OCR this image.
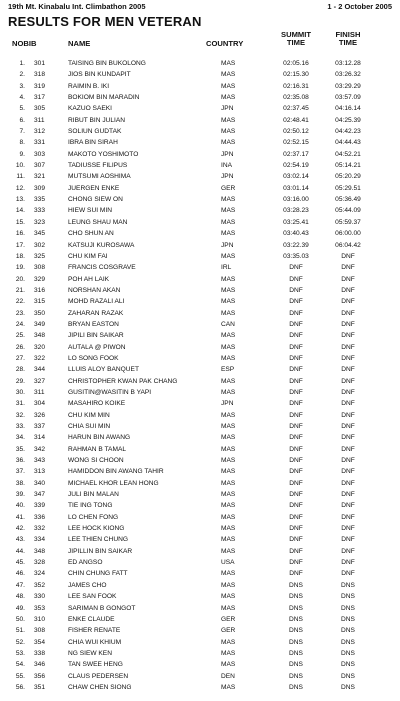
19th Mt. Kinabalu Int. Climbathon 2005	1 - 2 October 2005
RESULTS FOR MEN VETERAN
NOBIB	NAME	COUNTRY
SUMMIT
TIME
FINISH
TIME
1. 301	TAISING BIN BUKOLONG	MAS	02:05.16	03:12.28
2. 318	JIOS BIN KUNDAPIT	MAS	02:15.30	03:26.32
3. 319	RAIMIN B. IKI	MAS	02:16.31	03:29.29
4. 317	BOKIOM BIN MARADIN	MAS	02:35.08	03:57.09
5. 305	KAZUO SAEKI	JPN	02:37.45	04:16.14
6. 311	RIBUT BIN JULIAN	MAS	02:48.41	04:25.39
7. 312	SOLIUN GUDTAK	MAS	02:50.12	04:42.23
8. 331	IBRA BIN SIRAH	MAS	02:52.15	04:44.43
9. 303	MAKOTO YOSHIMOTO	JPN	02:37.17	04:52.21
10. 307	TADIUSSE FILIPUS	INA	02:54.19	05:14.21
11. 321	MUTSUMI AOSHIMA	JPN	03:02.14	05:20.29
12. 309	JUERGEN ENKE	GER	03:01.14	05:29.51
13. 335	CHONG SIEW ON	MAS	03:16.00	05:36.49
14. 333	HIEW SUI MIN	MAS	03:28.23	05:44.09
15. 323	LEUNG SHAU MAN	MAS	03:25.41	05:59.37
16. 345	CHO SHUN AN	MAS	03:40.43	06:00.00
17. 302	KATSUJI KUROSAWA	JPN	03:22.39	06:04.42
18. 325	CHU KIM FAI	MAS	03:35.03	DNF
19. 308	FRANCIS COSGRAVE	IRL	DNF	DNF
20. 329	POH AH LAIK	MAS	DNF	DNF
21. 316	NORSHAN AKAN	MAS	DNF	DNF
22. 315	MOHD RAZALI ALI	MAS	DNF	DNF
23. 350	ZAHARAN RAZAK	MAS	DNF	DNF
24. 349	BRYAN EASTON	CAN	DNF	DNF
25. 348	JIPILI BIN SAIKAR	MAS	DNF	DNF
26. 320	AUTALA @ PIWON	MAS	DNF	DNF
27. 322	LO SONG FOOK	MAS	DNF	DNF
28. 344	LLUIS ALOY BANQUET	ESP	DNF	DNF
29. 327	CHRISTOPHER KWAN PAK CHANG	MAS	DNF	DNF
30. 311	GUSITIN@WASITIN B YAPI	MAS	DNF	DNF
31. 304	MASAHIRO KOIKE	JPN	DNF	DNF
32. 326	CHU KIM MIN	MAS	DNF	DNF
33. 337	CHIA SUI MIN	MAS	DNF	DNF
34. 314	HARUN BIN AWANG	MAS	DNF	DNF
35. 342	RAHMAN B TAMAL	MAS	DNF	DNF
36. 343	WONG SI CHOON	MAS	DNF	DNF
37. 313	HAMIDDON BIN AWANG TAHIR	MAS	DNF	DNF
38. 340	MICHAEL KHOR LEAN HONG	MAS	DNF	DNF
39. 347	JULI BIN MALAN	MAS	DNF	DNF
40. 339	TIE ING TONG	MAS	DNF	DNF
41. 336	LO CHEN FONG	MAS	DNF	DNF
42. 332	LEE HOCK KIONG	MAS	DNF	DNF
43. 334	LEE THIEN CHUNG	MAS	DNF	DNF
44. 348	JIPILLIN BIN SAIKAR	MAS	DNF	DNF
45. 328	ED ANGSO	USA	DNF	DNF
46. 324	CHIN CHUNG FATT	MAS	DNF	DNF
47. 352	JAMES CHO	MAS	DNS	DNS
48. 330	LEE SAN FOOK	MAS	DNS	DNS
49. 353	SARIMAN B GONGOT	MAS	DNS	DNS
50. 310	ENKE CLAUDE	GER	DNS	DNS
51. 308	FISHER RENATE	GER	DNS	DNS
52. 354	CHIA WUI KHIUM	MAS	DNS	DNS
53. 338	NG SIEW KEN	MAS	DNS	DNS
54. 346	TAN SWEE HENG	MAS	DNS	DNS
55. 356	CLAUS PEDERSEN	DEN	DNS	DNS
56. 351	CHAW CHEN SIONG	MAS	DNS	DNS
